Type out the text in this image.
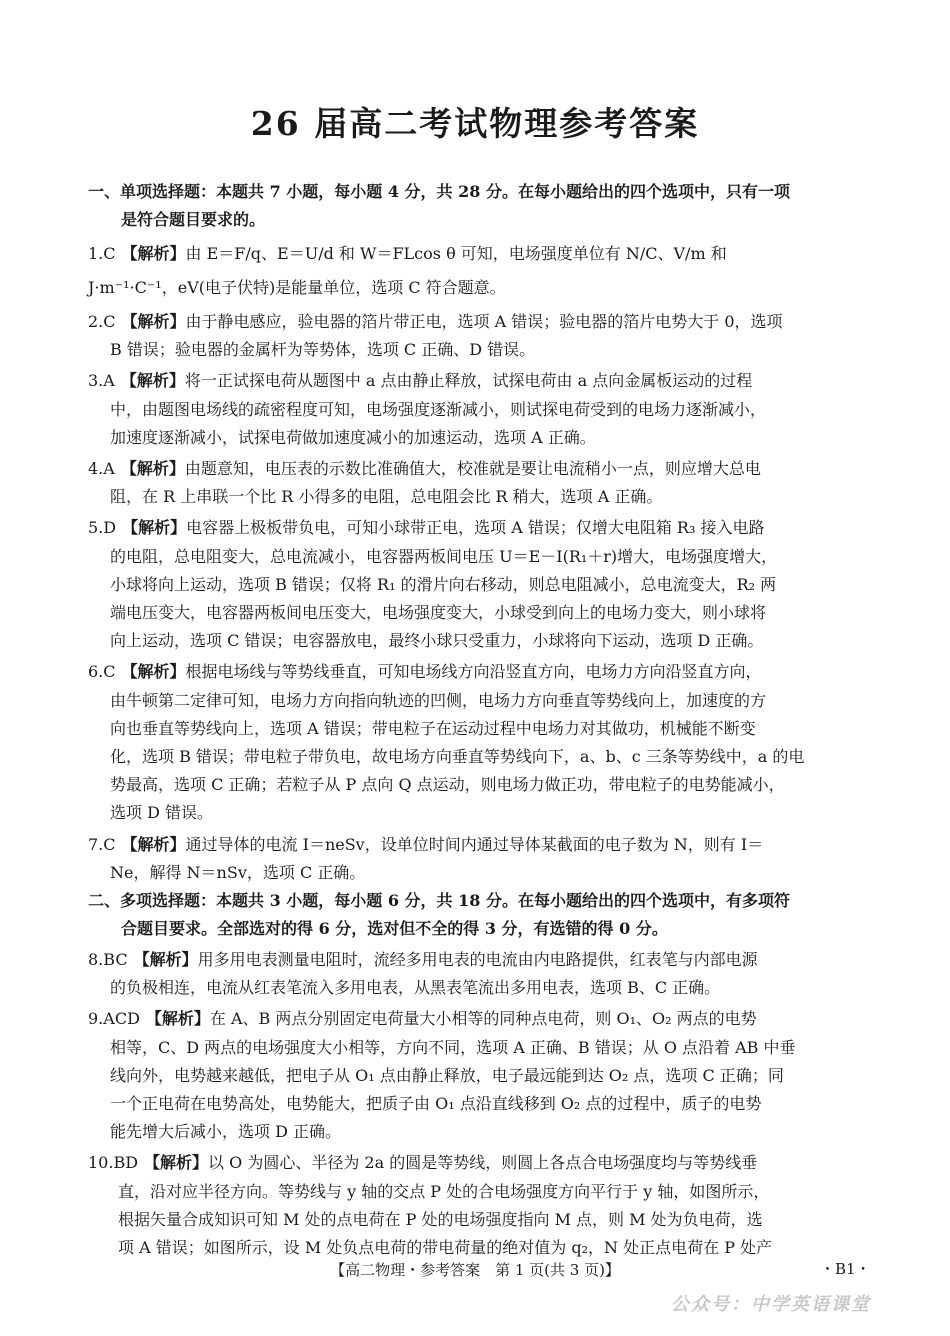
26 届高二考试物理参考答案
一、单项选择题：本题共 7 小题，每小题 4 分，共 28 分。在每小题给出的四个选项中，只有一项
是符合题目要求的。
1.C 【解析】由 E＝F/q、E＝U/d 和 W＝FLcos θ 可知，电场强度单位有 N/C、V/m 和
J·m⁻¹·C⁻¹，eV(电子伏特)是能量单位，选项 C 符合题意。
2.C 【解析】由于静电感应，验电器的箔片带正电，选项 A 错误；验电器的箔片电势大于 0，选项
B 错误；验电器的金属杆为等势体，选项 C 正确、D 错误。
3.A 【解析】将一正试探电荷从题图中 a 点由静止释放，试探电荷由 a 点向金属板运动的过程
中，由题图电场线的疏密程度可知，电场强度逐渐减小，则试探电荷受到的电场力逐渐减小，
加速度逐渐减小，试探电荷做加速度减小的加速运动，选项 A 正确。
4.A 【解析】由题意知，电压表的示数比准确值大，校准就是要让电流稍小一点，则应增大总电
阻，在 R 上串联一个比 R 小得多的电阻，总电阻会比 R 稍大，选项 A 正确。
5.D 【解析】电容器上极板带负电，可知小球带正电，选项 A 错误；仅增大电阻箱 R₃ 接入电路
的电阻，总电阻变大，总电流减小，电容器两板间电压 U＝E－I(R₁＋r)增大，电场强度增大，
小球将向上运动，选项 B 错误；仅将 R₁ 的滑片向右移动，则总电阻减小，总电流变大，R₂ 两
端电压变大，电容器两板间电压变大，电场强度变大，小球受到向上的电场力变大，则小球将
向上运动，选项 C 错误；电容器放电，最终小球只受重力，小球将向下运动，选项 D 正确。
6.C 【解析】根据电场线与等势线垂直，可知电场线方向沿竖直方向，电场力方向沿竖直方向，
由牛顿第二定律可知，电场力方向指向轨迹的凹侧，电场力方向垂直等势线向上，加速度的方
向也垂直等势线向上，选项 A 错误；带电粒子在运动过程中电场力对其做功，机械能不断变
化，选项 B 错误；带电粒子带负电，故电场方向垂直等势线向下，a、b、c 三条等势线中，a 的电
势最高，选项 C 正确；若粒子从 P 点向 Q 点运动，则电场力做正功，带电粒子的电势能减小，
选项 D 错误。
7.C 【解析】通过导体的电流 I＝neSv，设单位时间内通过导体某截面的电子数为 N，则有 I＝
Ne，解得 N＝nSv，选项 C 正确。
二、多项选择题：本题共 3 小题，每小题 6 分，共 18 分。在每小题给出的四个选项中，有多项符
合题目要求。全部选对的得 6 分，选对但不全的得 3 分，有选错的得 0 分。
8.BC 【解析】用多用电表测量电阻时，流经多用电表的电流由内电路提供，红表笔与内部电源
的负极相连，电流从红表笔流入多用电表，从黑表笔流出多用电表，选项 B、C 正确。
9.ACD 【解析】在 A、B 两点分别固定电荷量大小相等的同种点电荷，则 O₁、O₂ 两点的电势
相等，C、D 两点的电场强度大小相等，方向不同，选项 A 正确、B 错误；从 O 点沿着 AB 中垂
线向外，电势越来越低，把电子从 O₁ 点由静止释放，电子最远能到达 O₂ 点，选项 C 正确；同
一个正电荷在电势高处，电势能大，把质子由 O₁ 点沿直线移到 O₂ 点的过程中，质子的电势
能先增大后减小，选项 D 正确。
10.BD 【解析】以 O 为圆心、半径为 2a 的圆是等势线，则圆上各点合电场强度均与等势线垂
直，沿对应半径方向。等势线与 y 轴的交点 P 处的合电场强度方向平行于 y 轴，如图所示，
根据矢量合成知识可知 M 处的点电荷在 P 处的电场强度指向 M 点，则 M 处为负电荷，选
项 A 错误；如图所示，设 M 处负点电荷的带电荷量的绝对值为 q₂，N 处正点电荷在 P 处产
【高二物理・参考答案　第 1 页(共 3 页)】	・B1・
公众号：中学英语课堂
